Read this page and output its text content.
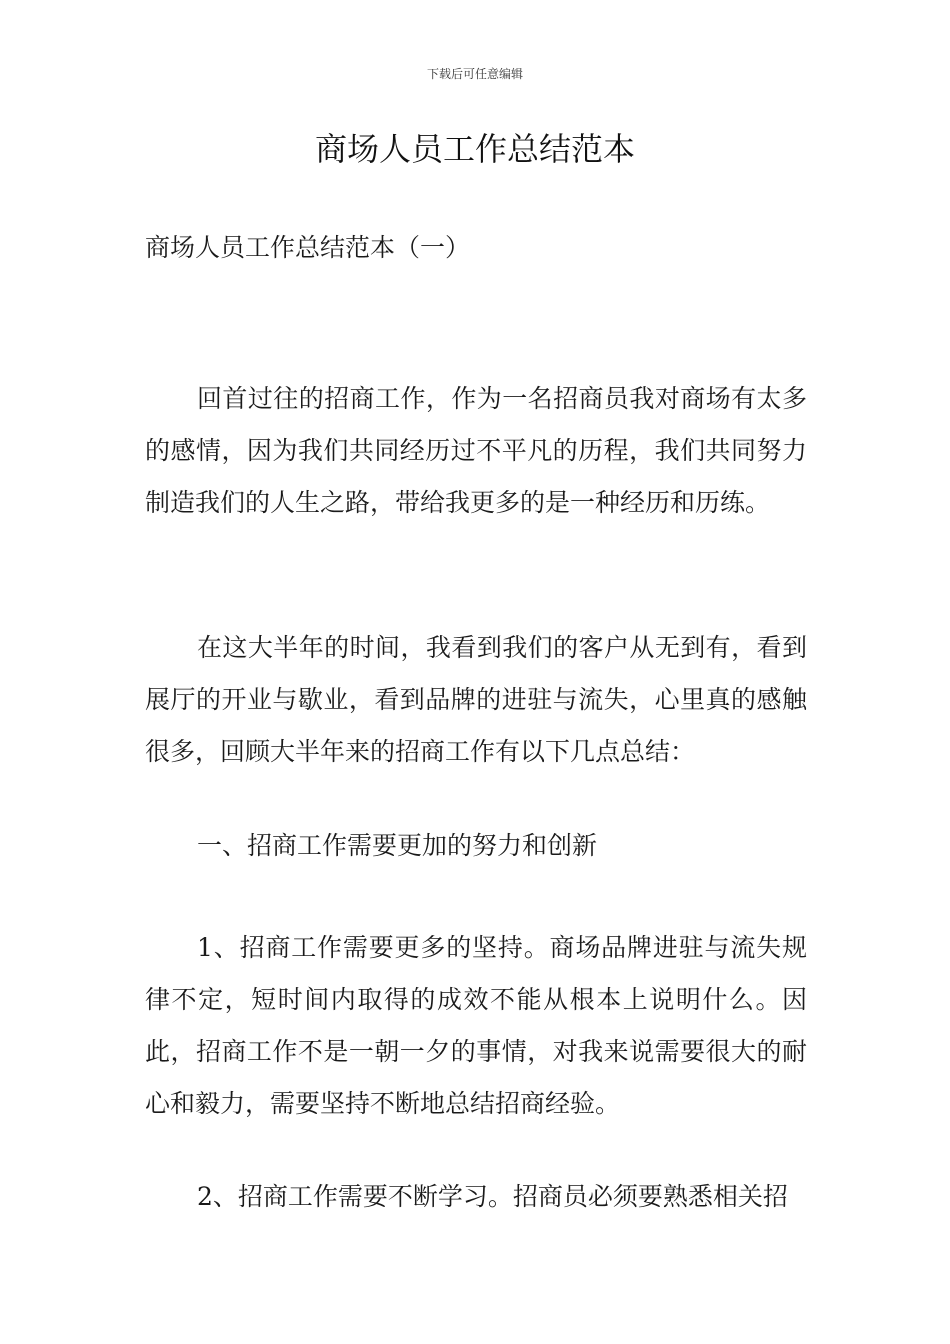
下载后可任意编辑
商场人员工作总结范本
商场人员工作总结范本（一）

回首过往的招商工作，作为一名招商员我对商场有太多的感情，因为我们共同经历过不平凡的历程，我们共同努力制造我们的人生之路，带给我更多的是一种经历和历练。

在这大半年的时间，我看到我们的客户从无到有，看到展厅的开业与歇业，看到品牌的进驻与流失，心里真的感触很多，回顾大半年来的招商工作有以下几点总结：

一、招商工作需要更加的努力和创新

1、招商工作需要更多的坚持。商场品牌进驻与流失规律不定，短时间内取得的成效不能从根本上说明什么。因此，招商工作不是一朝一夕的事情，对我来说需要很大的耐心和毅力，需要坚持不断地总结招商经验。

2、招商工作需要不断学习。招商员必须要熟悉相关招
